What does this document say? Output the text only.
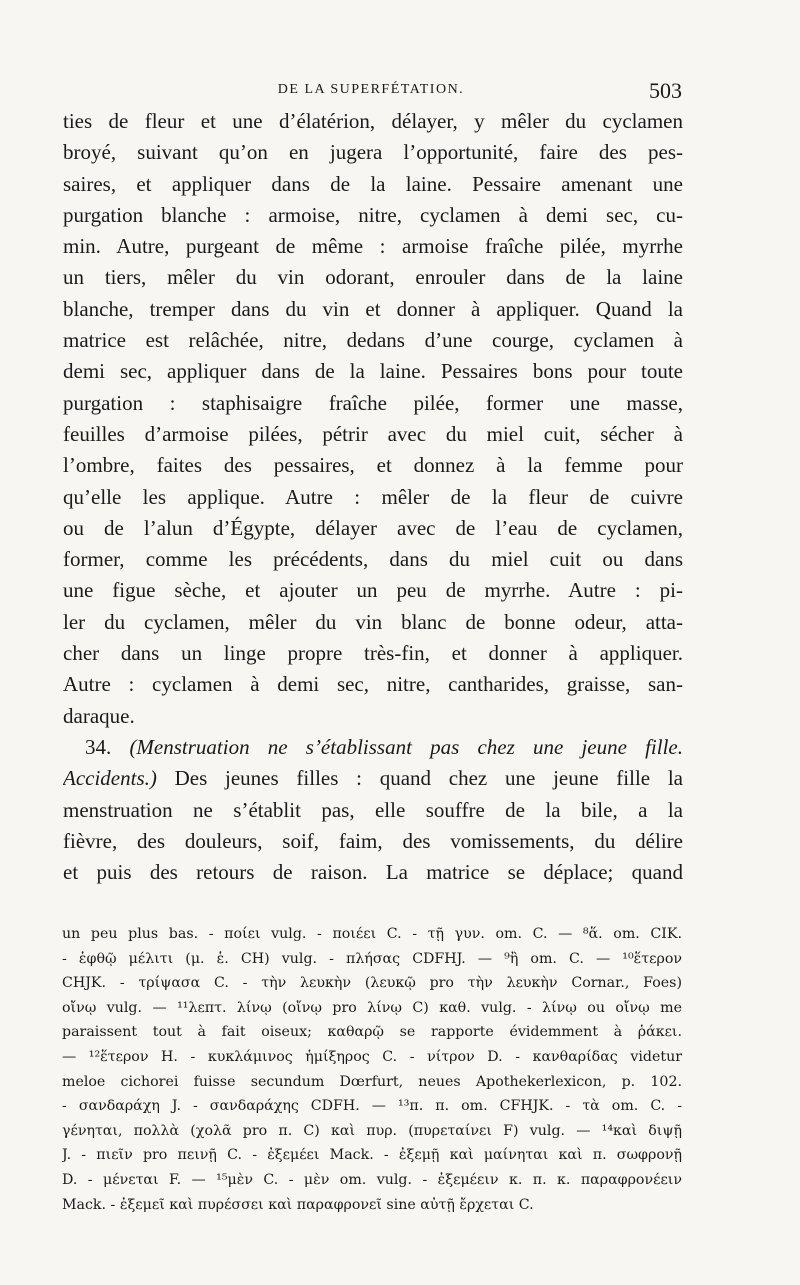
DE LA SUPERFÉTATION.	503
ties de fleur et une d’élatérion, délayer, y mêler du cyclamen
broyé, suivant qu’on en jugera l’opportunité, faire des pes-
saires, et appliquer dans de la laine. Pessaire amenant une
purgation blanche : armoise, nitre, cyclamen à demi sec, cu-
min. Autre, purgeant de même : armoise fraîche pilée, myrrhe
un tiers, mêler du vin odorant, enrouler dans de la laine
blanche, tremper dans du vin et donner à appliquer. Quand la
matrice est relâchée, nitre, dedans d’une courge, cyclamen à
demi sec, appliquer dans de la laine. Pessaires bons pour toute
purgation : staphisaigre fraîche pilée, former une masse,
feuilles d’armoise pilées, pétrir avec du miel cuit, sécher à
l’ombre, faites des pessaires, et donnez à la femme pour
qu’elle les applique. Autre : mêler de la fleur de cuivre
ou de l’alun d’Égypte, délayer avec de l’eau de cyclamen,
former, comme les précédents, dans du miel cuit ou dans
une figue sèche, et ajouter un peu de myrrhe. Autre : pi-
ler du cyclamen, mêler du vin blanc de bonne odeur, atta-
cher dans un linge propre très-fin, et donner à appliquer.
Autre : cyclamen à demi sec, nitre, cantharides, graisse, san-
daraque.
34. (Menstruation ne s’établissant pas chez une jeune fille.
Accidents.) Des jeunes filles : quand chez une jeune fille la
menstruation ne s’établit pas, elle souffre de la bile, a la
fièvre, des douleurs, soif, faim, des vomissements, du délire
et puis des retours de raison. La matrice se déplace; quand
un peu plus bas. - ποίει vulg. - ποιέει C. - τῇ γυν. om. C. — ⁸ἅ. om. CIK.
- ἑφθῷ μέλιτι (μ. ἑ. CH) vulg. - πλήσας CDFHJ. — ⁹ἢ om. C. — ¹⁰ἕτερον
CHJK. - τρίψασα C. - τὴν λευκὴν (λευκῷ pro τὴν λευκὴν Cornar., Foes)
οἴνῳ vulg. — ¹¹λεπτ. λίνῳ (οἴνῳ pro λίνῳ C) καθ. vulg. - λίνῳ ou οἴνῳ me
paraissent tout à fait oiseux; καθαρῷ se rapporte évidemment à ῥάκει.
— ¹²ἕτερον H. - κυκλάμινος ἡμίξηρος C. - νίτρον D. - κανθαρίδας videtur
meloe cichorei fuisse secundum Dœrfurt, neues Apothekerlexicon, p. 102.
- σανδαράχη J. - σανδαράχης CDFH. — ¹³π. π. om. CFHJK. - τὰ om. C. -
γένηται, πολλὰ (χολᾶ pro π. C) καὶ πυρ. (πυρεταίνει F) vulg. — ¹⁴καὶ διψῇ
J. - πιεῖν pro πεινῇ C. - ἐξεμέει Mack. - ἐξεμῇ καὶ μαίνηται καὶ π. σωφρονῇ
D. - μένεται F. — ¹⁵μὲν C. - μὲν om. vulg. - ἐξεμέειν κ. π. κ. παραφρονέειν
Mack. - ἐξεμεῖ καὶ πυρέσσει καὶ παραφρονεῖ sine αὐτῇ ἔρχεται C.
